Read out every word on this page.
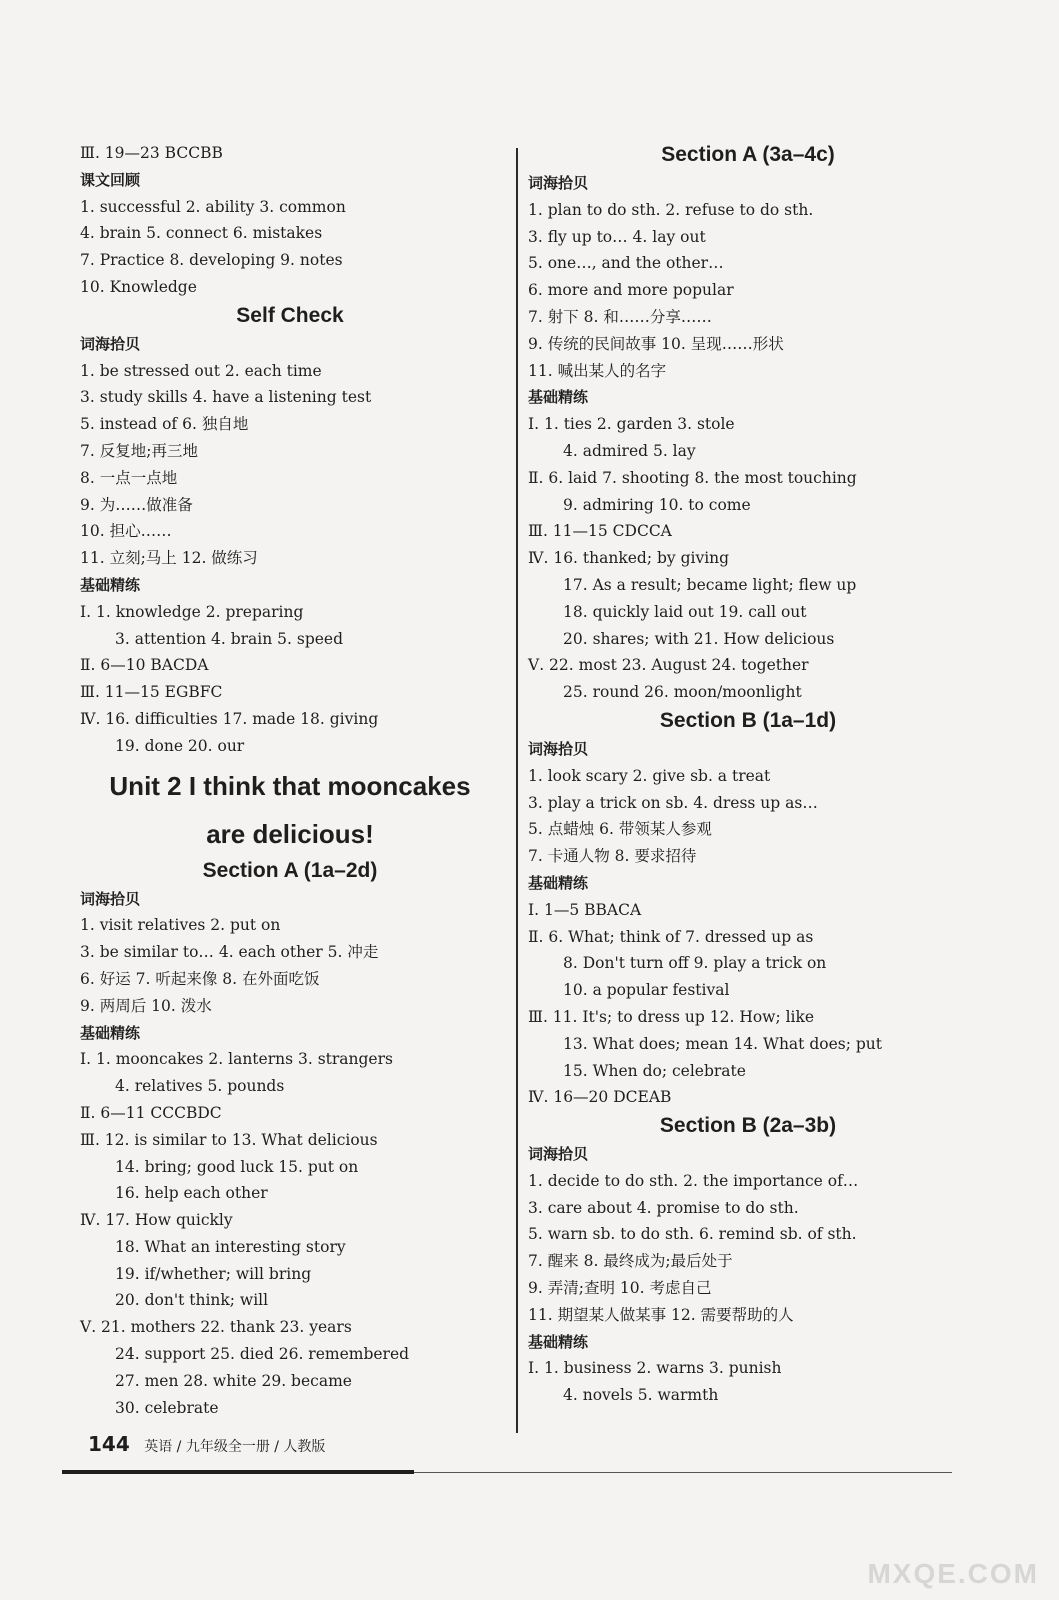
Ⅲ. 19—23 BCCBB
课文回顾
1. successful 2. ability 3. common
4. brain 5. connect 6. mistakes
7. Practice 8. developing 9. notes
10. Knowledge
Self Check
词海拾贝
1. be stressed out 2. each time
3. study skills 4. have a listening test
5. instead of 6. 独自地
7. 反复地;再三地
8. 一点一点地
9. 为……做准备
10. 担心……
11. 立刻;马上 12. 做练习
基础精练
Ⅰ. 1. knowledge 2. preparing
3. attention 4. brain 5. speed
Ⅱ. 6—10 BACDA
Ⅲ. 11—15 EGBFC
Ⅳ. 16. difficulties 17. made 18. giving
19. done 20. our
Unit 2 I think that mooncakes
are delicious!
Section A (1a–2d)
词海拾贝
1. visit relatives 2. put on
3. be similar to… 4. each other 5. 冲走
6. 好运 7. 听起来像 8. 在外面吃饭
9. 两周后 10. 泼水
基础精练
Ⅰ. 1. mooncakes 2. lanterns 3. strangers
4. relatives 5. pounds
Ⅱ. 6—11 CCCBDC
Ⅲ. 12. is similar to 13. What delicious
14. bring; good luck 15. put on
16. help each other
Ⅳ. 17. How quickly
18. What an interesting story
19. if/whether; will bring
20. don't think; will
Ⅴ. 21. mothers 22. thank 23. years
24. support 25. died 26. remembered
27. men 28. white 29. became
30. celebrate
Section A (3a–4c)
词海拾贝
1. plan to do sth. 2. refuse to do sth.
3. fly up to… 4. lay out
5. one…, and the other…
6. more and more popular
7. 射下 8. 和……分享……
9. 传统的民间故事 10. 呈现……形状
11. 喊出某人的名字
基础精练
Ⅰ. 1. ties 2. garden 3. stole
4. admired 5. lay
Ⅱ. 6. laid 7. shooting 8. the most touching
9. admiring 10. to come
Ⅲ. 11—15 CDCCA
Ⅳ. 16. thanked; by giving
17. As a result; became light; flew up
18. quickly laid out 19. call out
20. shares; with 21. How delicious
Ⅴ. 22. most 23. August 24. together
25. round 26. moon/moonlight
Section B (1a–1d)
词海拾贝
1. look scary 2. give sb. a treat
3. play a trick on sb. 4. dress up as…
5. 点蜡烛 6. 带领某人参观
7. 卡通人物 8. 要求招待
基础精练
Ⅰ. 1—5 BBACA
Ⅱ. 6. What; think of 7. dressed up as
8. Don't turn off 9. play a trick on
10. a popular festival
Ⅲ. 11. It's; to dress up 12. How; like
13. What does; mean 14. What does; put
15. When do; celebrate
Ⅳ. 16—20 DCEAB
Section B (2a–3b)
词海拾贝
1. decide to do sth. 2. the importance of…
3. care about 4. promise to do sth.
5. warn sb. to do sth. 6. remind sb. of sth.
7. 醒来 8. 最终成为;最后处于
9. 弄清;查明 10. 考虑自己
11. 期望某人做某事 12. 需要帮助的人
基础精练
Ⅰ. 1. business 2. warns 3. punish
4. novels 5. warmth
144 英语 / 九年级全一册 / 人教版
MXQE.COM
